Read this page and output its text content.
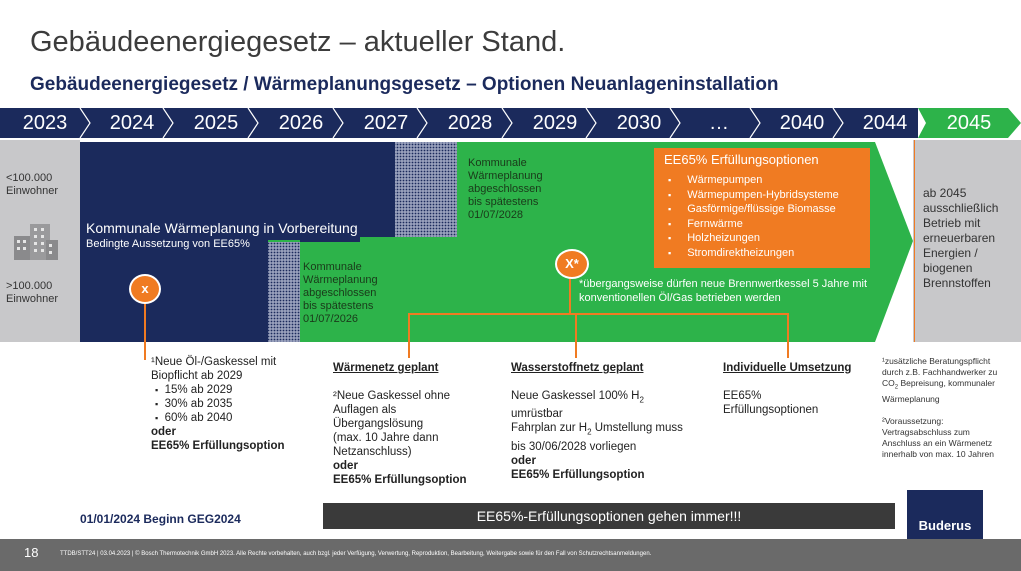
Gebäudeenergiegesetz – aktueller Stand.
Gebäudeenergiegesetz / Wärmeplanungsgesetz – Optionen Neuanlageninstallation
2023	2024	2025	2026	2027	2028	2029	2030	…	2040	2044	2045
<100.000
Einwohner
>100.000
Einwohner
Kommunale Wärmeplanung in Vorbereitung
Bedingte Aussetzung von EE65%
Kommunale
Wärmeplanung
abgeschlossen
bis spätestens
01/07/2026
Kommunale
Wärmeplanung
abgeschlossen
bis spätestens
01/07/2028
EE65% Erfüllungsoptionen
▪ Wärmepumpen
▪ Wärmepumpen-Hybridsysteme
▪ Gasförmige/flüssige Biomasse
▪ Fernwärme
▪ Holzheizungen
▪ Stromdirektheizungen
*übergangsweise dürfen neue Brennwertkessel 5 Jahre mit konventionellen Öl/Gas betrieben werden
ab 2045
ausschließlich
Betrieb mit
erneuerbaren
Energien /
biogenen
Brennstoffen
x
X*
¹Neue Öl-/Gaskessel mit Biopflicht ab 2029
▪ 15% ab 2029
▪ 30% ab 2035
▪ 60% ab 2040
oder
EE65% Erfüllungsoption
Wärmenetz geplant
²Neue Gaskessel ohne
Auflagen als
Übergangslösung
(max. 10 Jahre dann
Netzanschluss)
oder
EE65% Erfüllungsoption
Wasserstoffnetz geplant
Neue Gaskessel 100% $H_2$
umrüstbar
Fahrplan zur $H_2$ Umstellung muss
bis 30/06/2028 vorliegen
oder
EE65% Erfüllungsoption
Individuelle Umsetzung
EE65%
Erfüllungsoptionen
¹zusätzliche Beratungspflicht durch z.B. Fachhandwerker zu $CO_2$ Bepreisung, kommunaler Wärmeplanung
²Voraussetzung: Vertragsabschluss zum Anschluss an ein Wärmenetz innerhalb von max. 10 Jahren
01/01/2024 Beginn GEG2024	EE65%-Erfüllungsoptionen gehen immer!!!
Buderus
18	TTDB/STT24 | 03.04.2023 | © Bosch Thermotechnik GmbH 2023. Alle Rechte vorbehalten, auch bzgl. jeder Verfügung, Verwertung, Reproduktion, Bearbeitung, Weitergabe sowie für den Fall von Schutzrechtsanmeldungen.
